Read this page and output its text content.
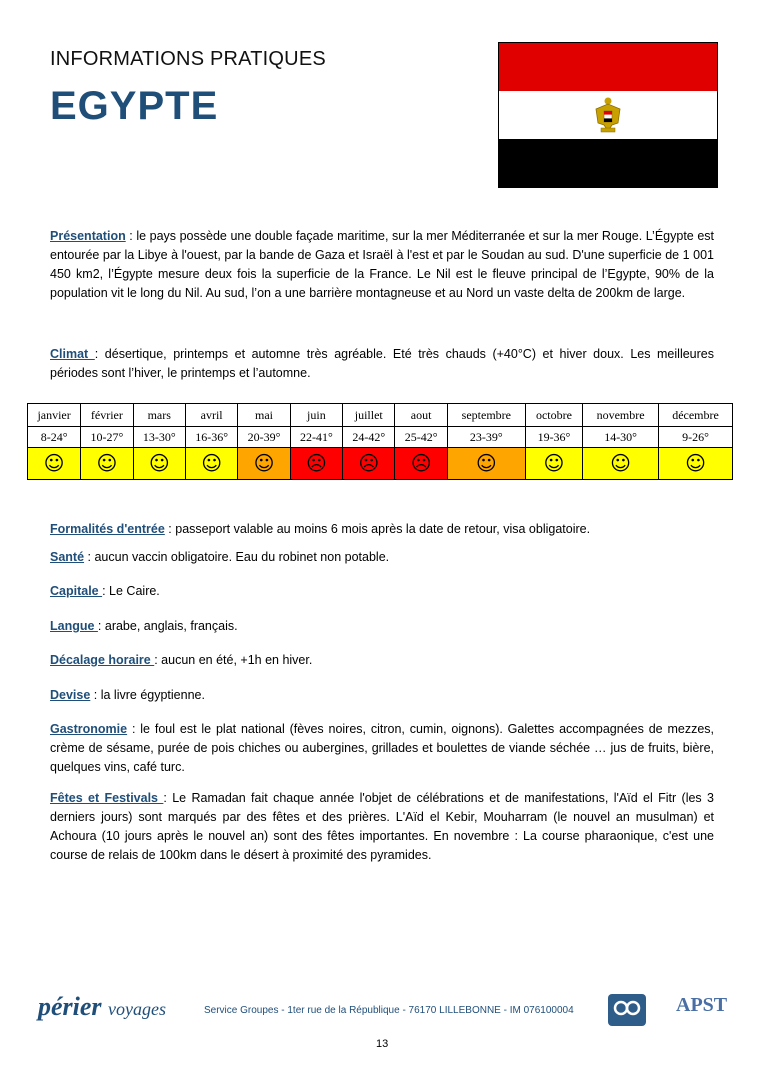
INFORMATIONS PRATIQUES
EGYPTE
Présentation : le pays possède une double façade maritime, sur la mer Méditerranée et sur la mer Rouge. L’Égypte est entourée par la Libye à l'ouest, par la bande de Gaza et Israël à l'est et par le Soudan au sud. D'une superficie de 1 001 450 km2, l’Égypte mesure deux fois la superficie de la France. Le Nil est le fleuve principal de l’Egypte, 90% de la population vit le long du Nil. Au sud, l’on a une barrière montagneuse et au Nord un vaste delta de 200km de large.
Climat : désertique, printemps et automne très agréable. Eté très chauds (+40°C) et hiver doux. Les meilleures périodes sont l’hiver, le printemps et l’automne.
janvier	février	mars	avril	mai	juin	juillet	aout	septembre	octobre	novembre	décembre
8-24°	10-27°	13-30°	16-36°	20-39°	22-41°	24-42°	25-42°	23-39°	19-36°	14-30°	9-26°
☺	☺	☺	☺	☺	☹	☹	☹	☺	☺	☺	☺
Formalités d'entrée : passeport valable au moins 6 mois après la date de retour, visa obligatoire.
Santé : aucun vaccin obligatoire. Eau du robinet non potable.
Capitale : Le Caire.
Langue : arabe, anglais, français.
Décalage horaire : aucun en été, +1h en hiver.
Devise : la livre égyptienne.
Gastronomie : le foul est le plat national (fèves noires, citron, cumin, oignons). Galettes accompagnées de mezzes, crème de sésame, purée de pois chiches ou aubergines, grillades et boulettes de viande séchée … jus de fruits, bière, quelques vins, café turc.
Fêtes et Festivals : Le Ramadan fait chaque année l'objet de célébrations et de manifestations, l'Aïd el Fitr (les 3 derniers jours) sont marqués par des fêtes et des prières. L'Aïd el Kebir, Mouharram (le nouvel an musulman) et Achoura (10 jours après le nouvel an) sont des fêtes importantes. En novembre : La course pharaonique, c'est une course de relais de 100km dans le désert à proximité des pyramides.
périer voyages	Service Groupes - 1ter rue de la République - 76170 LILLEBONNE - IM 076100004	APST
13
